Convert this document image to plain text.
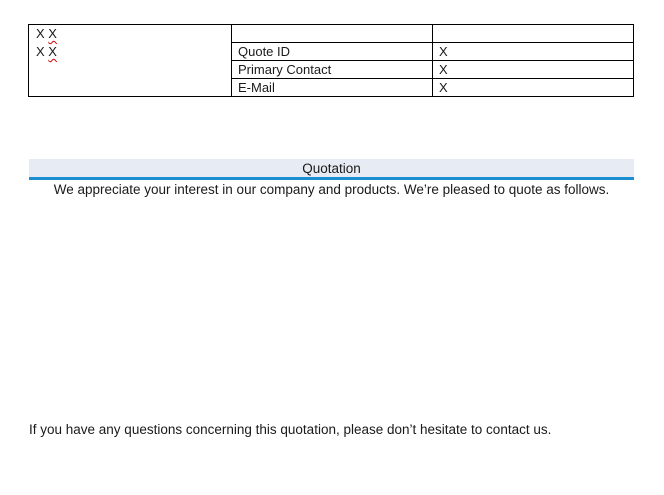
X X
X X		

	Quote ID	X
	Primary Contact	X
	E-Mail	X
Quotation
We appreciate your interest in our company and products. We’re pleased to quote as follows.
If you have any questions concerning this quotation, please don’t hesitate to contact us.
